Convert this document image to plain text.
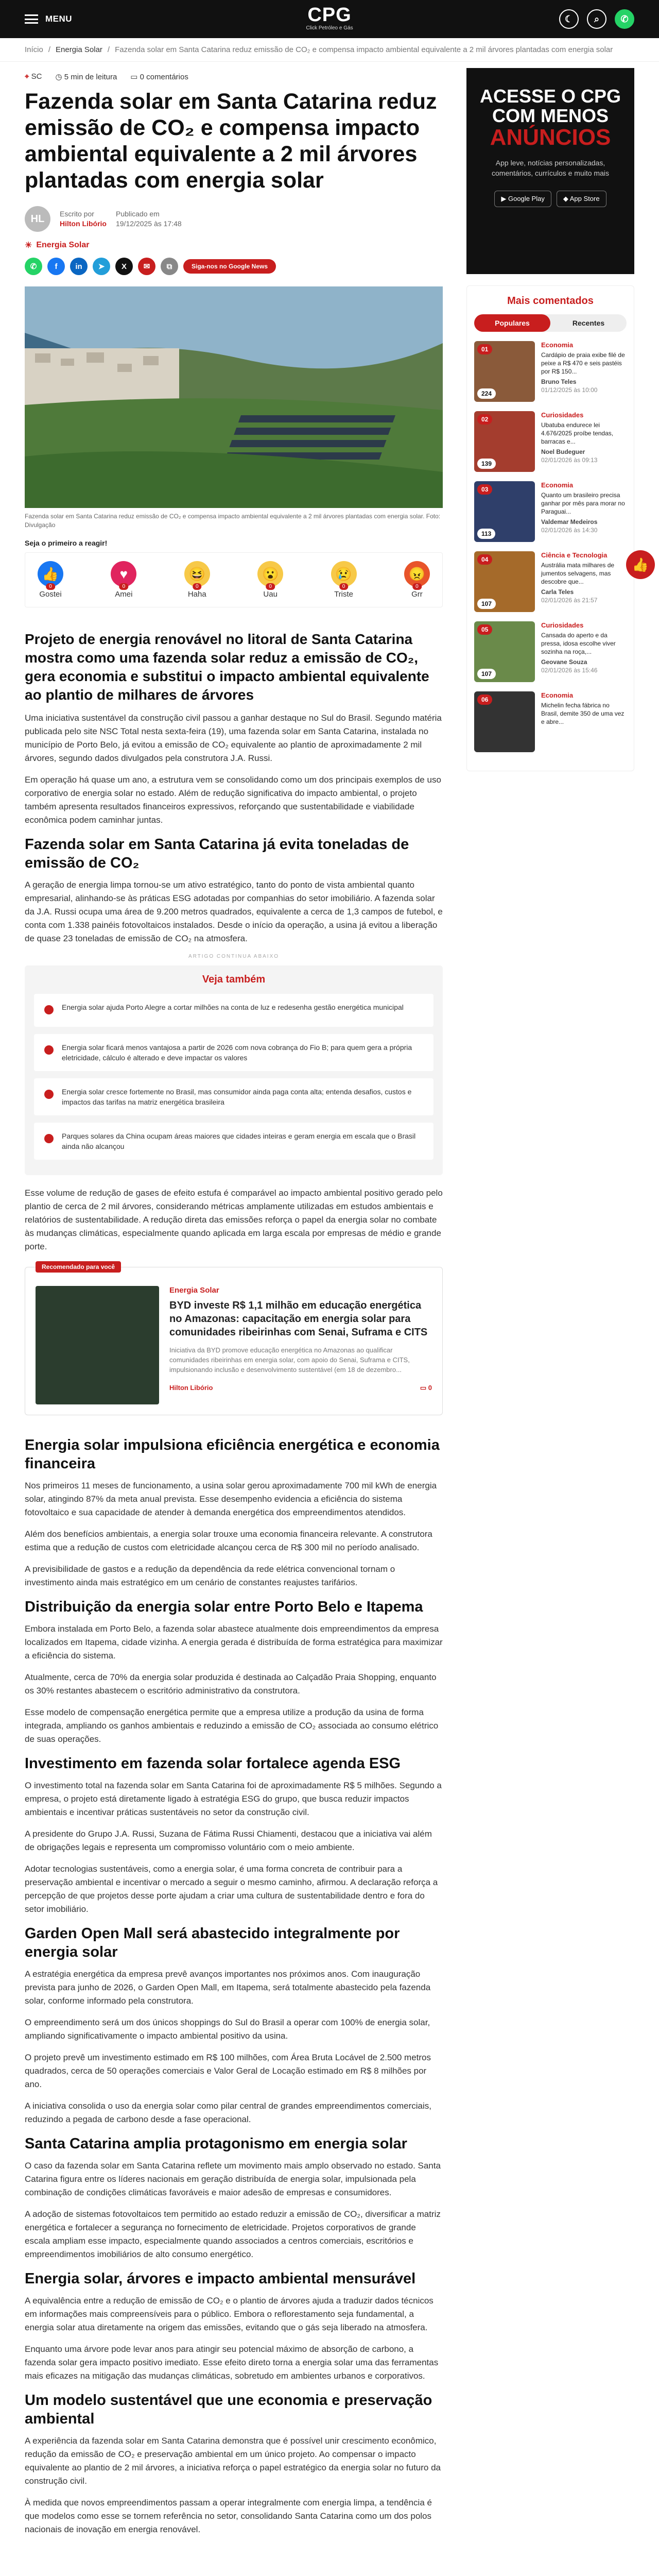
MENU	CPG
Click Petróleo e Gás
☾	⌕	✆
Início / Energia Solar / Fazenda solar em Santa Catarina reduz emissão de CO₂ e compensa impacto ambiental equivalente a 2 mil árvores plantadas com energia solar
⌖ SC ◷ 5 min de leitura ▭ 0 comentários
Fazenda solar em Santa Catarina reduz emissão de CO₂ e compensa impacto ambiental equivalente a 2 mil árvores plantadas com energia solar
HL	Escrito por
Hilton Libório
Publicado em
19/12/2025 às 17:48
☀ Energia Solar
✆	f	in	➤	X	✉	⧉	Siga-nos no Google News
Fazenda solar em Santa Catarina reduz emissão de CO₂ e compensa impacto ambiental equivalente a 2 mil árvores plantadas com energia solar. Foto: Divulgação
Seja o primeiro a reagir!
👍
0
Gostei
♥
0
Amei
😆
0
Haha
😮
0
Uau
😢
0
Triste
😠
0
Grr
Projeto de energia renovável no litoral de Santa Catarina mostra como uma fazenda solar reduz a emissão de CO₂, gera economia e substitui o impacto ambiental equivalente ao plantio de milhares de árvores

Uma iniciativa sustentável da construção civil passou a ganhar destaque no Sul do Brasil. Segundo matéria publicada pelo site NSC Total nesta sexta-feira (19), uma fazenda solar em Santa Catarina, instalada no município de Porto Belo, já evitou a emissão de CO₂ equivalente ao plantio de aproximadamente 2 mil árvores, segundo dados divulgados pela construtora J.A. Russi.

Em operação há quase um ano, a estrutura vem se consolidando como um dos principais exemplos de uso corporativo de energia solar no estado. Além de redução significativa do impacto ambiental, o projeto também apresenta resultados financeiros expressivos, reforçando que sustentabilidade e viabilidade econômica podem caminhar juntas.

Fazenda solar em Santa Catarina já evita toneladas de emissão de CO₂

A geração de energia limpa tornou-se um ativo estratégico, tanto do ponto de vista ambiental quanto empresarial, alinhando-se às práticas ESG adotadas por companhias do setor imobiliário. A fazenda solar da J.A. Russi ocupa uma área de 9.200 metros quadrados, equivalente a cerca de 1,3 campos de futebol, e conta com 1.338 painéis fotovoltaicos instalados. Desde o início da operação, a usina já evitou a liberação de quase 23 toneladas de emissão de CO₂ na atmosfera.

ARTIGO CONTINUA ABAIXO
Veja também
Energia solar ajuda Porto Alegre a cortar milhões na conta de luz e redesenha gestão energética municipal
Energia solar ficará menos vantajosa a partir de 2026 com nova cobrança do Fio B; para quem gera a própria eletricidade, cálculo é alterado e deve impactar os valores
Energia solar cresce fortemente no Brasil, mas consumidor ainda paga conta alta; entenda desafios, custos e impactos das tarifas na matriz energética brasileira
Parques solares da China ocupam áreas maiores que cidades inteiras e geram energia em escala que o Brasil ainda não alcançou

Esse volume de redução de gases de efeito estufa é comparável ao impacto ambiental positivo gerado pelo plantio de cerca de 2 mil árvores, considerando métricas amplamente utilizadas em estudos ambientais e relatórios de sustentabilidade. A redução direta das emissões reforça o papel da energia solar no combate às mudanças climáticas, especialmente quando aplicada em larga escala por empresas de médio e grande porte.

Recomendado para você
Energia Solar
BYD investe R$ 1,1 milhão em educação energética no Amazonas: capacitação em energia solar para comunidades ribeirinhas com Senai, Suframa e CITS
Iniciativa da BYD promove educação energética no Amazonas ao qualificar comunidades ribeirinhas em energia solar, com apoio do Senai, Suframa e CITS, impulsionando inclusão e desenvolvimento sustentável (em 18 de dezembro...
Hilton Libório	▭ 0
Energia solar impulsiona eficiência energética e economia financeira

Nos primeiros 11 meses de funcionamento, a usina solar gerou aproximadamente 700 mil kWh de energia solar, atingindo 87% da meta anual prevista. Esse desempenho evidencia a eficiência do sistema fotovoltaico e sua capacidade de atender à demanda energética dos empreendimentos atendidos.

Além dos benefícios ambientais, a energia solar trouxe uma economia financeira relevante. A construtora estima que a redução de custos com eletricidade alcançou cerca de R$ 300 mil no período analisado.

A previsibilidade de gastos e a redução da dependência da rede elétrica convencional tornam o investimento ainda mais estratégico em um cenário de constantes reajustes tarifários.

Distribuição da energia solar entre Porto Belo e Itapema

Embora instalada em Porto Belo, a fazenda solar abastece atualmente dois empreendimentos da empresa localizados em Itapema, cidade vizinha. A energia gerada é distribuída de forma estratégica para maximizar a eficiência do sistema.

Atualmente, cerca de 70% da energia solar produzida é destinada ao Calçadão Praia Shopping, enquanto os 30% restantes abastecem o escritório administrativo da construtora.

Esse modelo de compensação energética permite que a empresa utilize a produção da usina de forma integrada, ampliando os ganhos ambientais e reduzindo a emissão de CO₂ associada ao consumo elétrico de suas operações.

Investimento em fazenda solar fortalece agenda ESG

O investimento total na fazenda solar em Santa Catarina foi de aproximadamente R$ 5 milhões. Segundo a empresa, o projeto está diretamente ligado à estratégia ESG do grupo, que busca reduzir impactos ambientais e incentivar práticas sustentáveis no setor da construção civil.

A presidente do Grupo J.A. Russi, Suzana de Fátima Russi Chiamenti, destacou que a iniciativa vai além de obrigações legais e representa um compromisso voluntário com o meio ambiente.

Adotar tecnologias sustentáveis, como a energia solar, é uma forma concreta de contribuir para a preservação ambiental e incentivar o mercado a seguir o mesmo caminho, afirmou. A declaração reforça a percepção de que projetos desse porte ajudam a criar uma cultura de sustentabilidade dentro e fora do setor imobiliário.

Garden Open Mall será abastecido integralmente por energia solar

A estratégia energética da empresa prevê avanços importantes nos próximos anos. Com inauguração prevista para junho de 2026, o Garden Open Mall, em Itapema, será totalmente abastecido pela fazenda solar, conforme informado pela construtora.

O empreendimento será um dos únicos shoppings do Sul do Brasil a operar com 100% de energia solar, ampliando significativamente o impacto ambiental positivo da usina.

O projeto prevê um investimento estimado em R$ 100 milhões, com Área Bruta Locável de 2.500 metros quadrados, cerca de 50 operações comerciais e Valor Geral de Locação estimado em R$ 8 milhões por ano.

A iniciativa consolida o uso da energia solar como pilar central de grandes empreendimentos comerciais, reduzindo a pegada de carbono desde a fase operacional.

Santa Catarina amplia protagonismo em energia solar

O caso da fazenda solar em Santa Catarina reflete um movimento mais amplo observado no estado. Santa Catarina figura entre os líderes nacionais em geração distribuída de energia solar, impulsionada pela combinação de condições climáticas favoráveis e maior adesão de empresas e consumidores.

A adoção de sistemas fotovoltaicos tem permitido ao estado reduzir a emissão de CO₂, diversificar a matriz energética e fortalecer a segurança no fornecimento de eletricidade. Projetos corporativos de grande escala ampliam esse impacto, especialmente quando associados a centros comerciais, escritórios e empreendimentos imobiliários de alto consumo energético.

Energia solar, árvores e impacto ambiental mensurável

A equivalência entre a redução de emissão de CO₂ e o plantio de árvores ajuda a traduzir dados técnicos em informações mais compreensíveis para o público. Embora o reflorestamento seja fundamental, a energia solar atua diretamente na origem das emissões, evitando que o gás seja liberado na atmosfera.

Enquanto uma árvore pode levar anos para atingir seu potencial máximo de absorção de carbono, a fazenda solar gera impacto positivo imediato. Esse efeito direto torna a energia solar uma das ferramentas mais eficazes na mitigação das mudanças climáticas, sobretudo em ambientes urbanos e corporativos.

Um modelo sustentável que une economia e preservação ambiental

A experiência da fazenda solar em Santa Catarina demonstra que é possível unir crescimento econômico, redução da emissão de CO₂ e preservação ambiental em um único projeto. Ao compensar o impacto equivalente ao plantio de 2 mil árvores, a iniciativa reforça o papel estratégico da energia solar no futuro da construção civil.

À medida que novos empreendimentos passam a operar integralmente com energia limpa, a tendência é que modelos como esse se tornem referência no setor, consolidando Santa Catarina como um dos polos nacionais de inovação em energia renovável.

ACESSE O CPG
COM MENOS
ANÚNCIOS
App leve, notícias personalizadas, comentários, currículos e muito mais
▶ Google Play	◆ App Store
Mais comentados
Populares	Recentes
01
224
Economia
Cardápio de praia exibe filé de peixe a R$ 470 e seis pastéis por R$ 150...
Bruno Teles
01/12/2025 às 10:00
02
139
Curiosidades
Ubatuba endurece lei 4.676/2025 proíbe tendas, barracas e...
Noel Budeguer
02/01/2026 às 09:13
03
113
Economia
Quanto um brasileiro precisa ganhar por mês para morar no Paraguai...
Valdemar Medeiros
02/01/2026 às 14:30
04
107
Ciência e Tecnologia
Austrália mata milhares de jumentos selvagens, mas descobre que...
Carla Teles
02/01/2026 às 21:57
05
107
Curiosidades
Cansada do aperto e da pressa, idosa escolhe viver sozinha na roça,...
Geovane Souza
02/01/2026 às 15:46
06
Economia
Michelin fecha fábrica no Brasil, demite 350 de uma vez e abre...
👍
